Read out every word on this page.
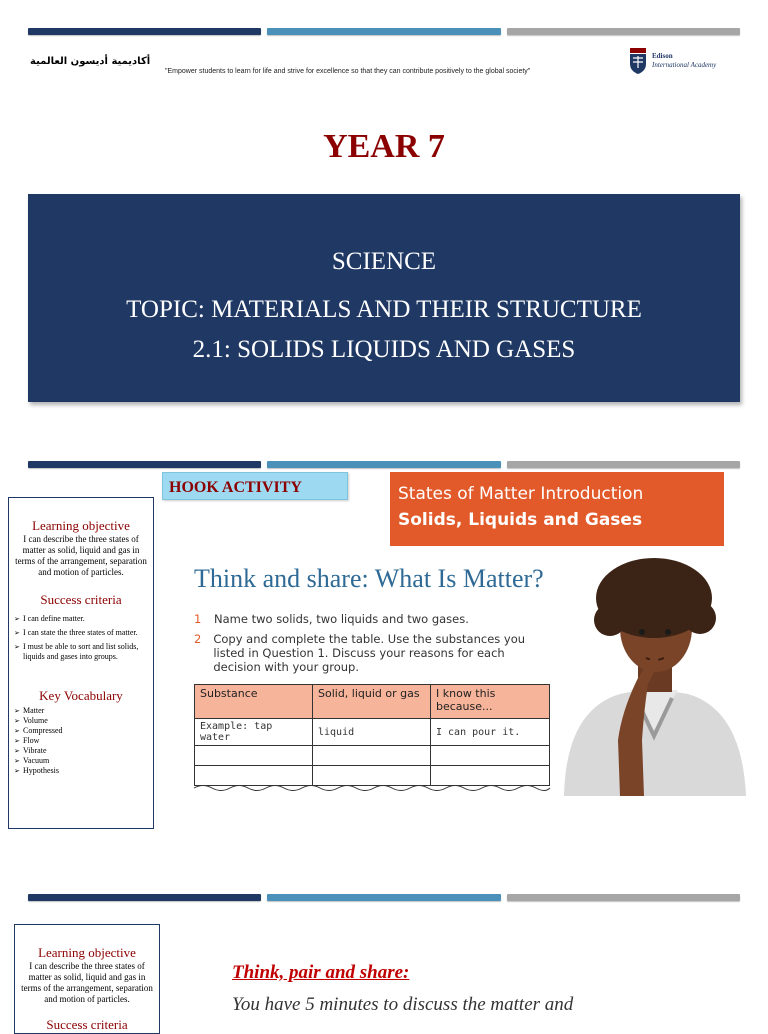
أكاديمية أديسون العالمية
"Empower students to learn for life and strive for excellence so that they can contribute positively to the global society"
Edison
International Academy
YEAR 7
SCIENCE
TOPIC: MATERIALS AND THEIR STRUCTURE
2.1: SOLIDS LIQUIDS AND GASES
HOOK ACTIVITY	States of Matter Introduction
Solids, Liquids and Gases
Learning objective
I can describe the three states of matter as solid, liquid and gas in terms of the arrangement, separation and motion of particles.
Success criteria
➢ I can define matter.
➢ I can state the three states of matter.
➢ I must be able to sort and list solids, liquids and gases into groups.
Key Vocabulary
➢ Matter
➢ Volume
➢ Compressed
➢ Flow
➢ Vibrate
➢ Vacuum
➢ Hypothesis
Think and share: What Is Matter?
1 Name two solids, two liquids and two gases.
2 Copy and complete the table. Use the substances you listed in Question 1. Discuss your reasons for each decision with your group.
Substance	Solid, liquid or gas	I know this because...
Example: tap water	liquid	I can pour it.

Learning objective
I can describe the three states of matter as solid, liquid and gas in terms of the arrangement, separation and motion of particles.
Success criteria
Think, pair and share:
You have 5 minutes to discuss the matter and
